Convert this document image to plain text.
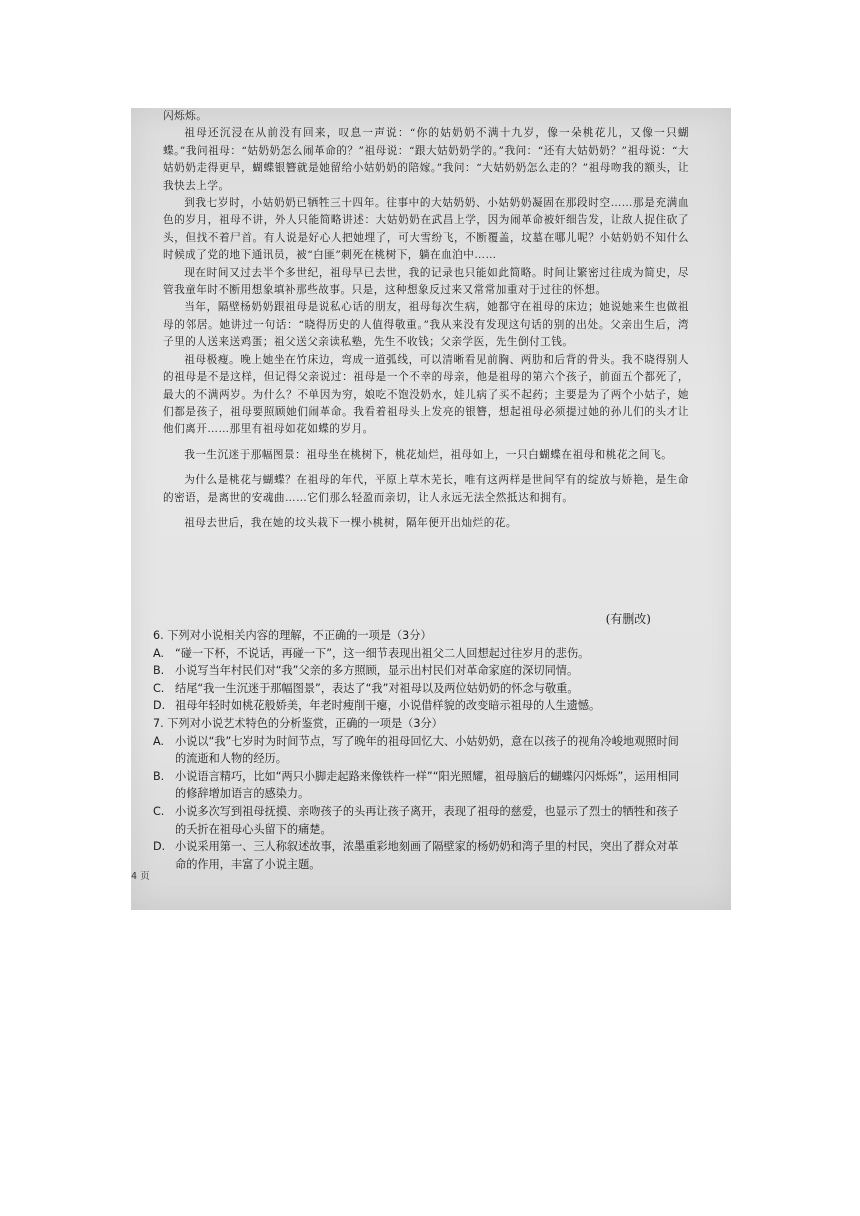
闪烁烁。

祖母还沉浸在从前没有回来，叹息一声说：“你的姑奶奶不满十九岁，像一朵桃花儿，又像一只蝴蝶。”我问祖母：“姑奶奶怎么闹革命的？”祖母说：“跟大姑奶奶学的。”我问：“还有大姑奶奶？”祖母说：“大姑奶奶走得更早，蝴蝶银簪就是她留给小姑奶奶的陪嫁。”我问：“大姑奶奶怎么走的？”祖母吻我的额头，让我快去上学。

到我七岁时，小姑奶奶已牺牲三十四年。往事中的大姑奶奶、小姑奶奶凝固在那段时空……那是充满血色的岁月，祖母不讲，外人只能简略讲述：大姑奶奶在武昌上学，因为闹革命被奸细告发，让敌人捉住砍了头，但找不着尸首。有人说是好心人把她埋了，可大雪纷飞，不断覆盖，坟墓在哪儿呢？小姑奶奶不知什么时候成了党的地下通讯员，被“白匪”刺死在桃树下，躺在血泊中……

现在时间又过去半个多世纪，祖母早已去世，我的记录也只能如此简略。时间让繁密过往成为简史，尽管我童年时不断用想象填补那些故事。只是，这种想象反过来又常常加重对于过往的怀想。

当年，隔壁杨奶奶跟祖母是说私心话的朋友，祖母每次生病，她都守在祖母的床边；她说她来生也做祖母的邻居。她讲过一句话：“晓得历史的人值得敬重。”我从来没有发现这句话的别的出处。父亲出生后，湾子里的人送来送鸡蛋；祖父送父亲读私塾，先生不收钱；父亲学医，先生倒付工钱。

祖母极瘦。晚上她坐在竹床边，弯成一道弧线，可以清晰看见前胸、两肋和后背的骨头。我不晓得别人的祖母是不是这样，但记得父亲说过：祖母是一个不幸的母亲，他是祖母的第六个孩子，前面五个都死了，最大的不满两岁。为什么？不单因为穷，娘吃不饱没奶水，娃儿病了买不起药；主要是为了两个小姑子，她们都是孩子，祖母要照顾她们闹革命。我看着祖母头上发亮的银簪，想起祖母必须提过她的孙儿们的头才让他们离开……那里有祖母如花如蝶的岁月。

我一生沉迷于那幅图景：祖母坐在桃树下，桃花灿烂，祖母如上，一只白蝴蝶在祖母和桃花之间飞。

为什么是桃花与蝴蝶？在祖母的年代，平原上草木芜长，唯有这两样是世间罕有的绽放与娇艳，是生命的密语，是离世的安魂曲……它们那么轻盈而亲切，让人永远无法全然抵达和拥有。

祖母去世后，我在她的坟头栽下一棵小桃树，隔年便开出灿烂的花。

(有删改)

6. 下列对小说相关内容的理解，不正确的一项是（3分）

A. “碰一下杯，不说话，再碰一下”，这一细节表现出祖父二人回想起过往岁月的悲伤。

B. 小说写当年村民们对“我”父亲的多方照顾，显示出村民们对革命家庭的深切同情。

C. 结尾“我一生沉迷于那幅图景”，表达了“我”对祖母以及两位姑奶奶的怀念与敬重。

D. 祖母年轻时如桃花般娇美，年老时瘦削干瘪，小说借样貌的改变暗示祖母的人生遗憾。

7. 下列对小说艺术特色的分析鉴赏，正确的一项是（3分）

A. 小说以“我”七岁时为时间节点，写了晚年的祖母回忆大、小姑奶奶，意在以孩子的视角冷峻地观照时间的流逝和人物的经历。

B. 小说语言精巧，比如“两只小脚走起路来像铁杵一样”“阳光照耀，祖母脑后的蝴蝶闪闪烁烁”，运用相同的修辞增加语言的感染力。

C. 小说多次写到祖母抚摸、亲吻孩子的头再让孩子离开，表现了祖母的慈爱，也显示了烈士的牺牲和孩子的夭折在祖母心头留下的痛楚。

D. 小说采用第一、三人称叙述故事，浓墨重彩地刻画了隔壁家的杨奶奶和湾子里的村民，突出了群众对革命的作用，丰富了小说主题。

4 页
